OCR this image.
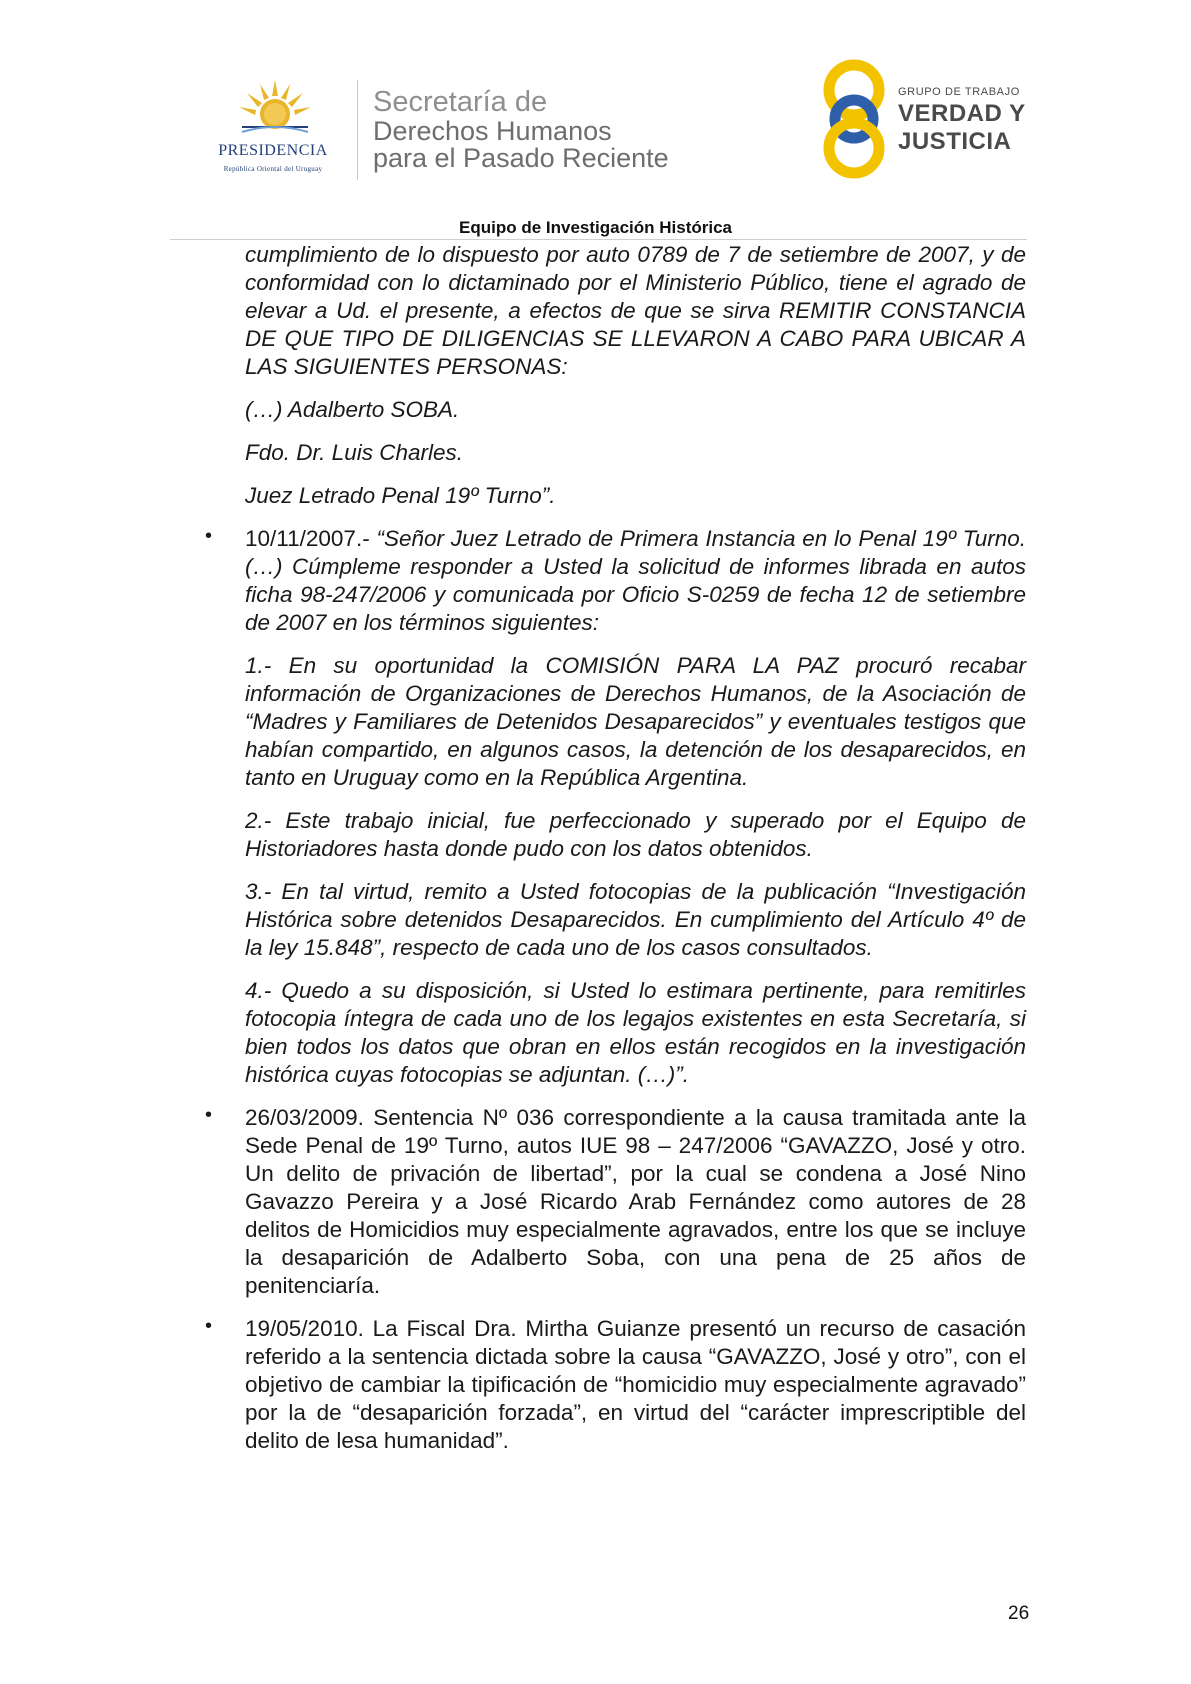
PRESIDENCIA
República Oriental del Uruguay
Secretaría de
Derechos Humanos
para el Pasado Reciente
GRUPO DE TRABAJO
VERDAD Y
JUSTICIA
Equipo de Investigación Histórica

cumplimiento de lo dispuesto por auto 0789 de 7 de setiembre de 2007, y de conformidad con lo dictaminado por el Ministerio Público, tiene el agrado de elevar a Ud. el presente, a efectos de que se sirva REMITIR CONSTANCIA DE QUE TIPO DE DILIGENCIAS SE LLEVARON A CABO PARA UBICAR A LAS SIGUIENTES PERSONAS:

(…) Adalberto SOBA.

Fdo. Dr. Luis Charles.

Juez Letrado Penal 19º Turno”.

• 10/11/2007.- “Señor Juez Letrado de Primera Instancia en lo Penal 19º Turno. (…) Cúmpleme responder a Usted la solicitud de informes librada en autos ficha 98-247/2006 y comunicada por Oficio S-0259 de fecha 12 de setiembre de 2007 en los términos siguientes:

1.- En su oportunidad la COMISIÓN PARA LA PAZ procuró recabar información de Organizaciones de Derechos Humanos, de la Asociación de “Madres y Familiares de Detenidos Desaparecidos” y eventuales testigos que habían compartido, en algunos casos, la detención de los desaparecidos, en tanto en Uruguay como en la República Argentina.

2.- Este trabajo inicial, fue perfeccionado y superado por el Equipo de Historiadores hasta donde pudo con los datos obtenidos.

3.- En tal virtud, remito a Usted fotocopias de la publicación “Investigación Histórica sobre detenidos Desaparecidos. En cumplimiento del Artículo 4º de la ley 15.848”, respecto de cada uno de los casos consultados.

4.- Quedo a su disposición, si Usted lo estimara pertinente, para remitirles fotocopia íntegra de cada uno de los legajos existentes en esta Secretaría, si bien todos los datos que obran en ellos están recogidos en la investigación histórica cuyas fotocopias se adjuntan. (…)”.

• 26/03/2009. Sentencia Nº 036 correspondiente a la causa tramitada ante la Sede Penal de 19º Turno, autos IUE 98 – 247/2006 “GAVAZZO, José y otro. Un delito de privación de libertad”, por la cual se condena a José Nino Gavazzo Pereira y a José Ricardo Arab Fernández como autores de 28 delitos de Homicidios muy especialmente agravados, entre los que se incluye la desaparición de Adalberto Soba, con una pena de 25 años de penitenciaría.

• 19/05/2010. La Fiscal Dra. Mirtha Guianze presentó un recurso de casación referido a la sentencia dictada sobre la causa “GAVAZZO, José y otro”, con el objetivo de cambiar la tipificación de “homicidio muy especialmente agravado” por la de “desaparición forzada”, en virtud del “carácter imprescriptible del delito de lesa humanidad”.

26
